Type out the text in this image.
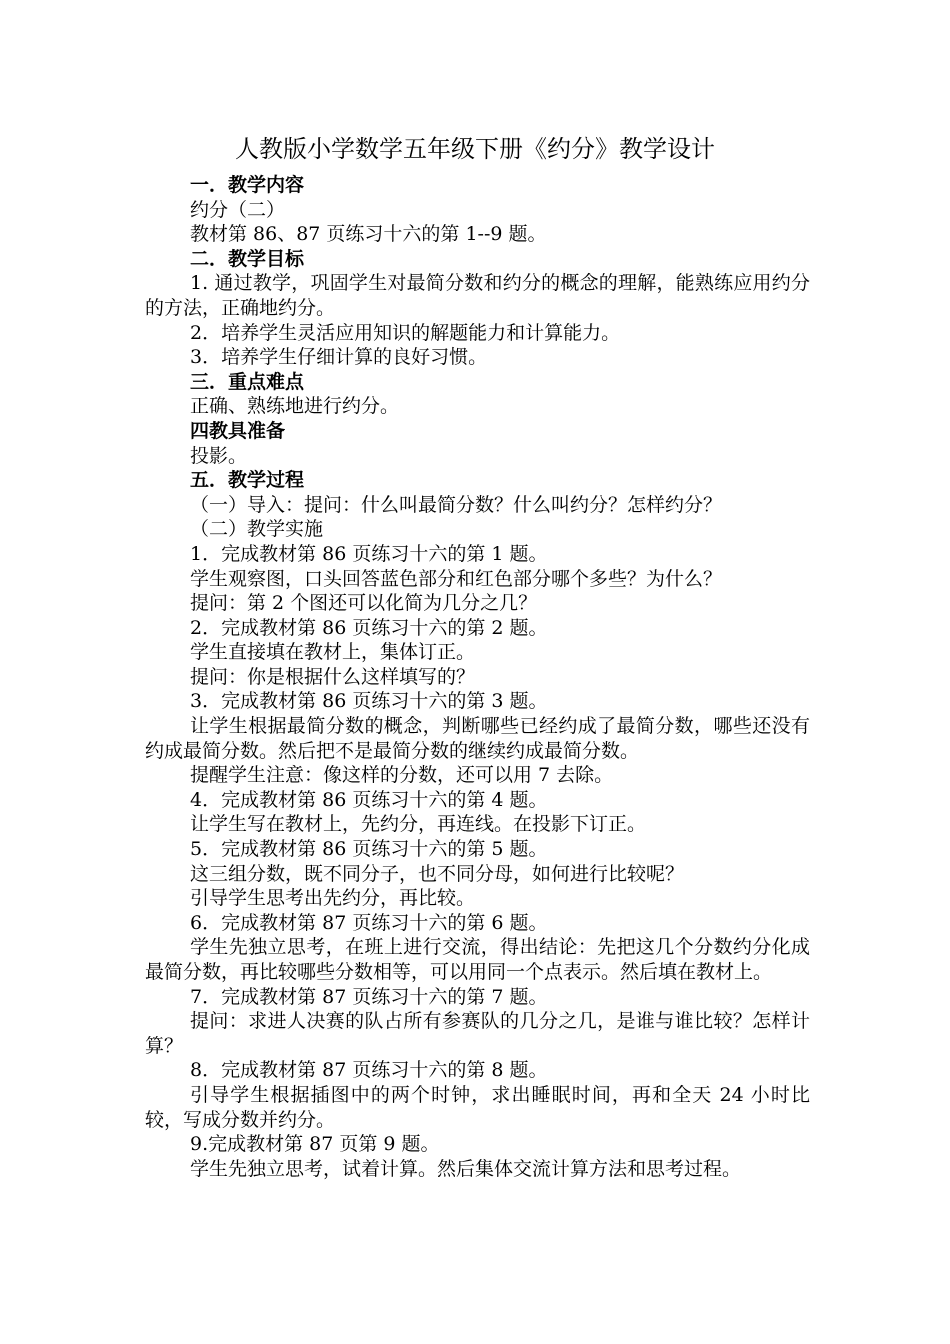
人教版小学数学五年级下册《约分》教学设计

一．教学内容

约分（二）

教材第 86、87 页练习十六的第 1--9 题。

二．教学目标

1. 通过教学，巩固学生对最简分数和约分的概念的理解，能熟练应用约分的方法，正确地约分。

2．培养学生灵活应用知识的解题能力和计算能力。

3．培养学生仔细计算的良好习惯。

三．重点难点

正确、熟练地进行约分。

四教具准备

投影。

五．教学过程

（一）导入：提问：什么叫最简分数？什么叫约分？怎样约分？

（二）教学实施

1．完成教材第 86 页练习十六的第 1 题。

学生观察图，口头回答蓝色部分和红色部分哪个多些？为什么？

提问：第 2 个图还可以化简为几分之几？

2．完成教材第 86 页练习十六的第 2 题。

学生直接填在教材上，集体订正。

提问：你是根据什么这样填写的？

3．完成教材第 86 页练习十六的第 3 题。

让学生根据最简分数的概念，判断哪些已经约成了最简分数，哪些还没有约成最简分数。然后把不是最简分数的继续约成最简分数。

提醒学生注意：像这样的分数，还可以用 7 去除。

4．完成教材第 86 页练习十六的第 4 题。

让学生写在教材上，先约分，再连线。在投影下订正。

5．完成教材第 86 页练习十六的第 5 题。

这三组分数，既不同分子，也不同分母，如何进行比较呢？

引导学生思考出先约分，再比较。

6．完成教材第 87 页练习十六的第 6 题。

学生先独立思考，在班上进行交流，得出结论：先把这几个分数约分化成最简分数，再比较哪些分数相等，可以用同一个点表示。然后填在教材上。

7．完成教材第 87 页练习十六的第 7 题。

提问：求进人决赛的队占所有参赛队的几分之几，是谁与谁比较？怎样计算？

8．完成教材第 87 页练习十六的第 8 题。

引导学生根据插图中的两个时钟，求出睡眠时间，再和全天 24 小时比较，写成分数并约分。

9.完成教材第 87 页第 9 题。

学生先独立思考，试着计算。然后集体交流计算方法和思考过程。
